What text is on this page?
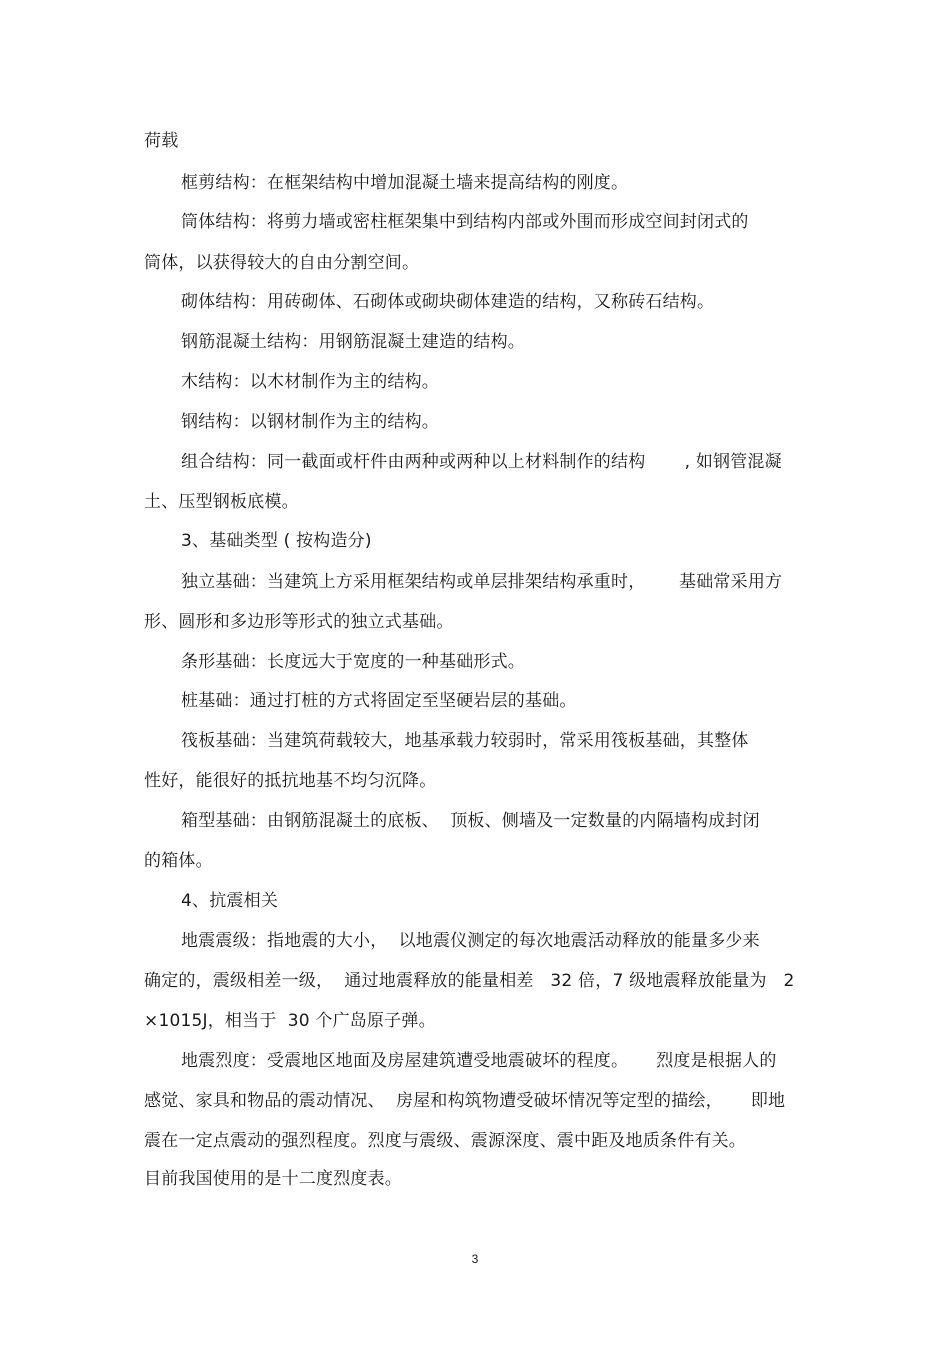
荷载
框剪结构：在框架结构中增加混凝土墙来提高结构的刚度。
筒体结构：将剪力墙或密柱框架集中到结构内部或外围而形成空间封闭式的
筒体，以获得较大的自由分割空间。
砌体结构：用砖砌体、石砌体或砌块砌体建造的结构，又称砖石结构。
钢筋混凝土结构：用钢筋混凝土建造的结构。
木结构：以木材制作为主的结构。
钢结构：以钢材制作为主的结构。
组合结构：同一截面或杆件由两种或两种以上材料制作的结构       , 如钢管混凝
土、压型钢板底模。
3、基础类型 ( 按构造分)
独立基础：当建筑上方采用框架结构或单层排架结构承重时，      基础常采用方
形、圆形和多边形等形式的独立式基础。
条形基础：长度远大于宽度的一种基础形式。
桩基础：通过打桩的方式将固定至坚硬岩层的基础。
筏板基础：当建筑荷载较大，地基承载力较弱时，常采用筏板基础，其整体
性好，能很好的抵抗地基不均匀沉降。
箱型基础：由钢筋混凝土的底板、  顶板、侧墙及一定数量的内隔墙构成封闭
的箱体。
4、抗震相关
地震震级：指地震的大小，  以地震仪测定的每次地震活动释放的能量多少来
确定的，震级相差一级，  通过地震释放的能量相差   32 倍，7 级地震释放能量为   2
×1015J，相当于  30 个广岛原子弹。
地震烈度：受震地区地面及房屋建筑遭受地震破坏的程度。     烈度是根据人的
感觉、家具和物品的震动情况、  房屋和构筑物遭受破坏情况等定型的描绘，     即地
震在一定点震动的强烈程度。烈度与震级、震源深度、震中距及地质条件有关。
目前我国使用的是十二度烈度表。
3
